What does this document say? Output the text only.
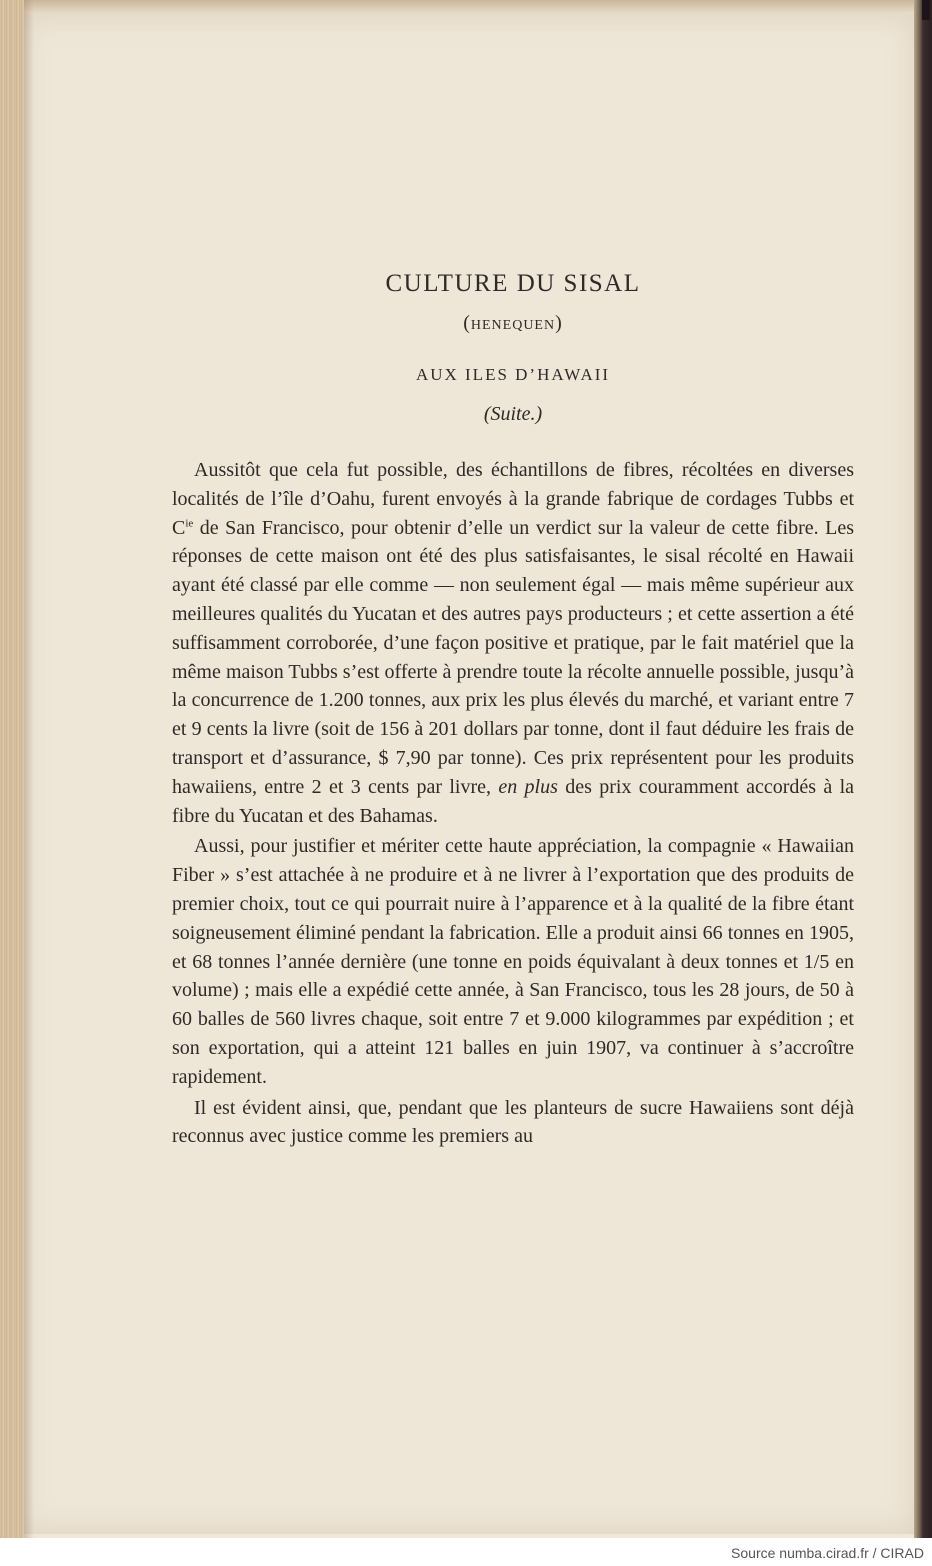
CULTURE DU SISAL
(HENEQUEN)
AUX ILES D’HAWAII
(Suite.)

Aussitôt que cela fut possible, des échantillons de fibres, récoltées en diverses localités de l’île d’Oahu, furent envoyés à la grande fabrique de cordages Tubbs et $C^{ie}$ de San Francisco, pour obtenir d’elle un verdict sur la valeur de cette fibre. Les réponses de cette maison ont été des plus satisfaisantes, le sisal récolté en Hawaii ayant été classé par elle comme — non seulement égal — mais même supérieur aux meilleures qualités du Yucatan et des autres pays producteurs ; et cette assertion a été suffisamment corroborée, d’une façon positive et pratique, par le fait matériel que la même maison Tubbs s’est offerte à prendre toute la récolte annuelle possible, jusqu’à la concurrence de 1.200 tonnes, aux prix les plus élevés du marché, et variant entre 7 et 9 cents la livre (soit de 156 à 201 dollars par tonne, dont il faut déduire les frais de transport et d’assurance, $ 7,90 par tonne). Ces prix représentent pour les produits hawaiiens, entre 2 et 3 cents par livre, en plus des prix couramment accordés à la fibre du Yucatan et des Bahamas.

Aussi, pour justifier et mériter cette haute appréciation, la compagnie « Hawaiian Fiber » s’est attachée à ne produire et à ne livrer à l’exportation que des produits de premier choix, tout ce qui pourrait nuire à l’apparence et à la qualité de la fibre étant soigneusement éliminé pendant la fabrication. Elle a produit ainsi 66 tonnes en 1905, et 68 tonnes l’année dernière (une tonne en poids équivalant à deux tonnes et 1/5 en volume) ; mais elle a expédié cette année, à San Francisco, tous les 28 jours, de 50 à 60 balles de 560 livres chaque, soit entre 7 et 9.000 kilogrammes par expédition ; et son exportation, qui a atteint 121 balles en juin 1907, va continuer à s’accroître rapidement.

Il est évident ainsi, que, pendant que les planteurs de sucre Hawaiiens sont déjà reconnus avec justice comme les premiers au

Source numba.cirad.fr / CIRAD
